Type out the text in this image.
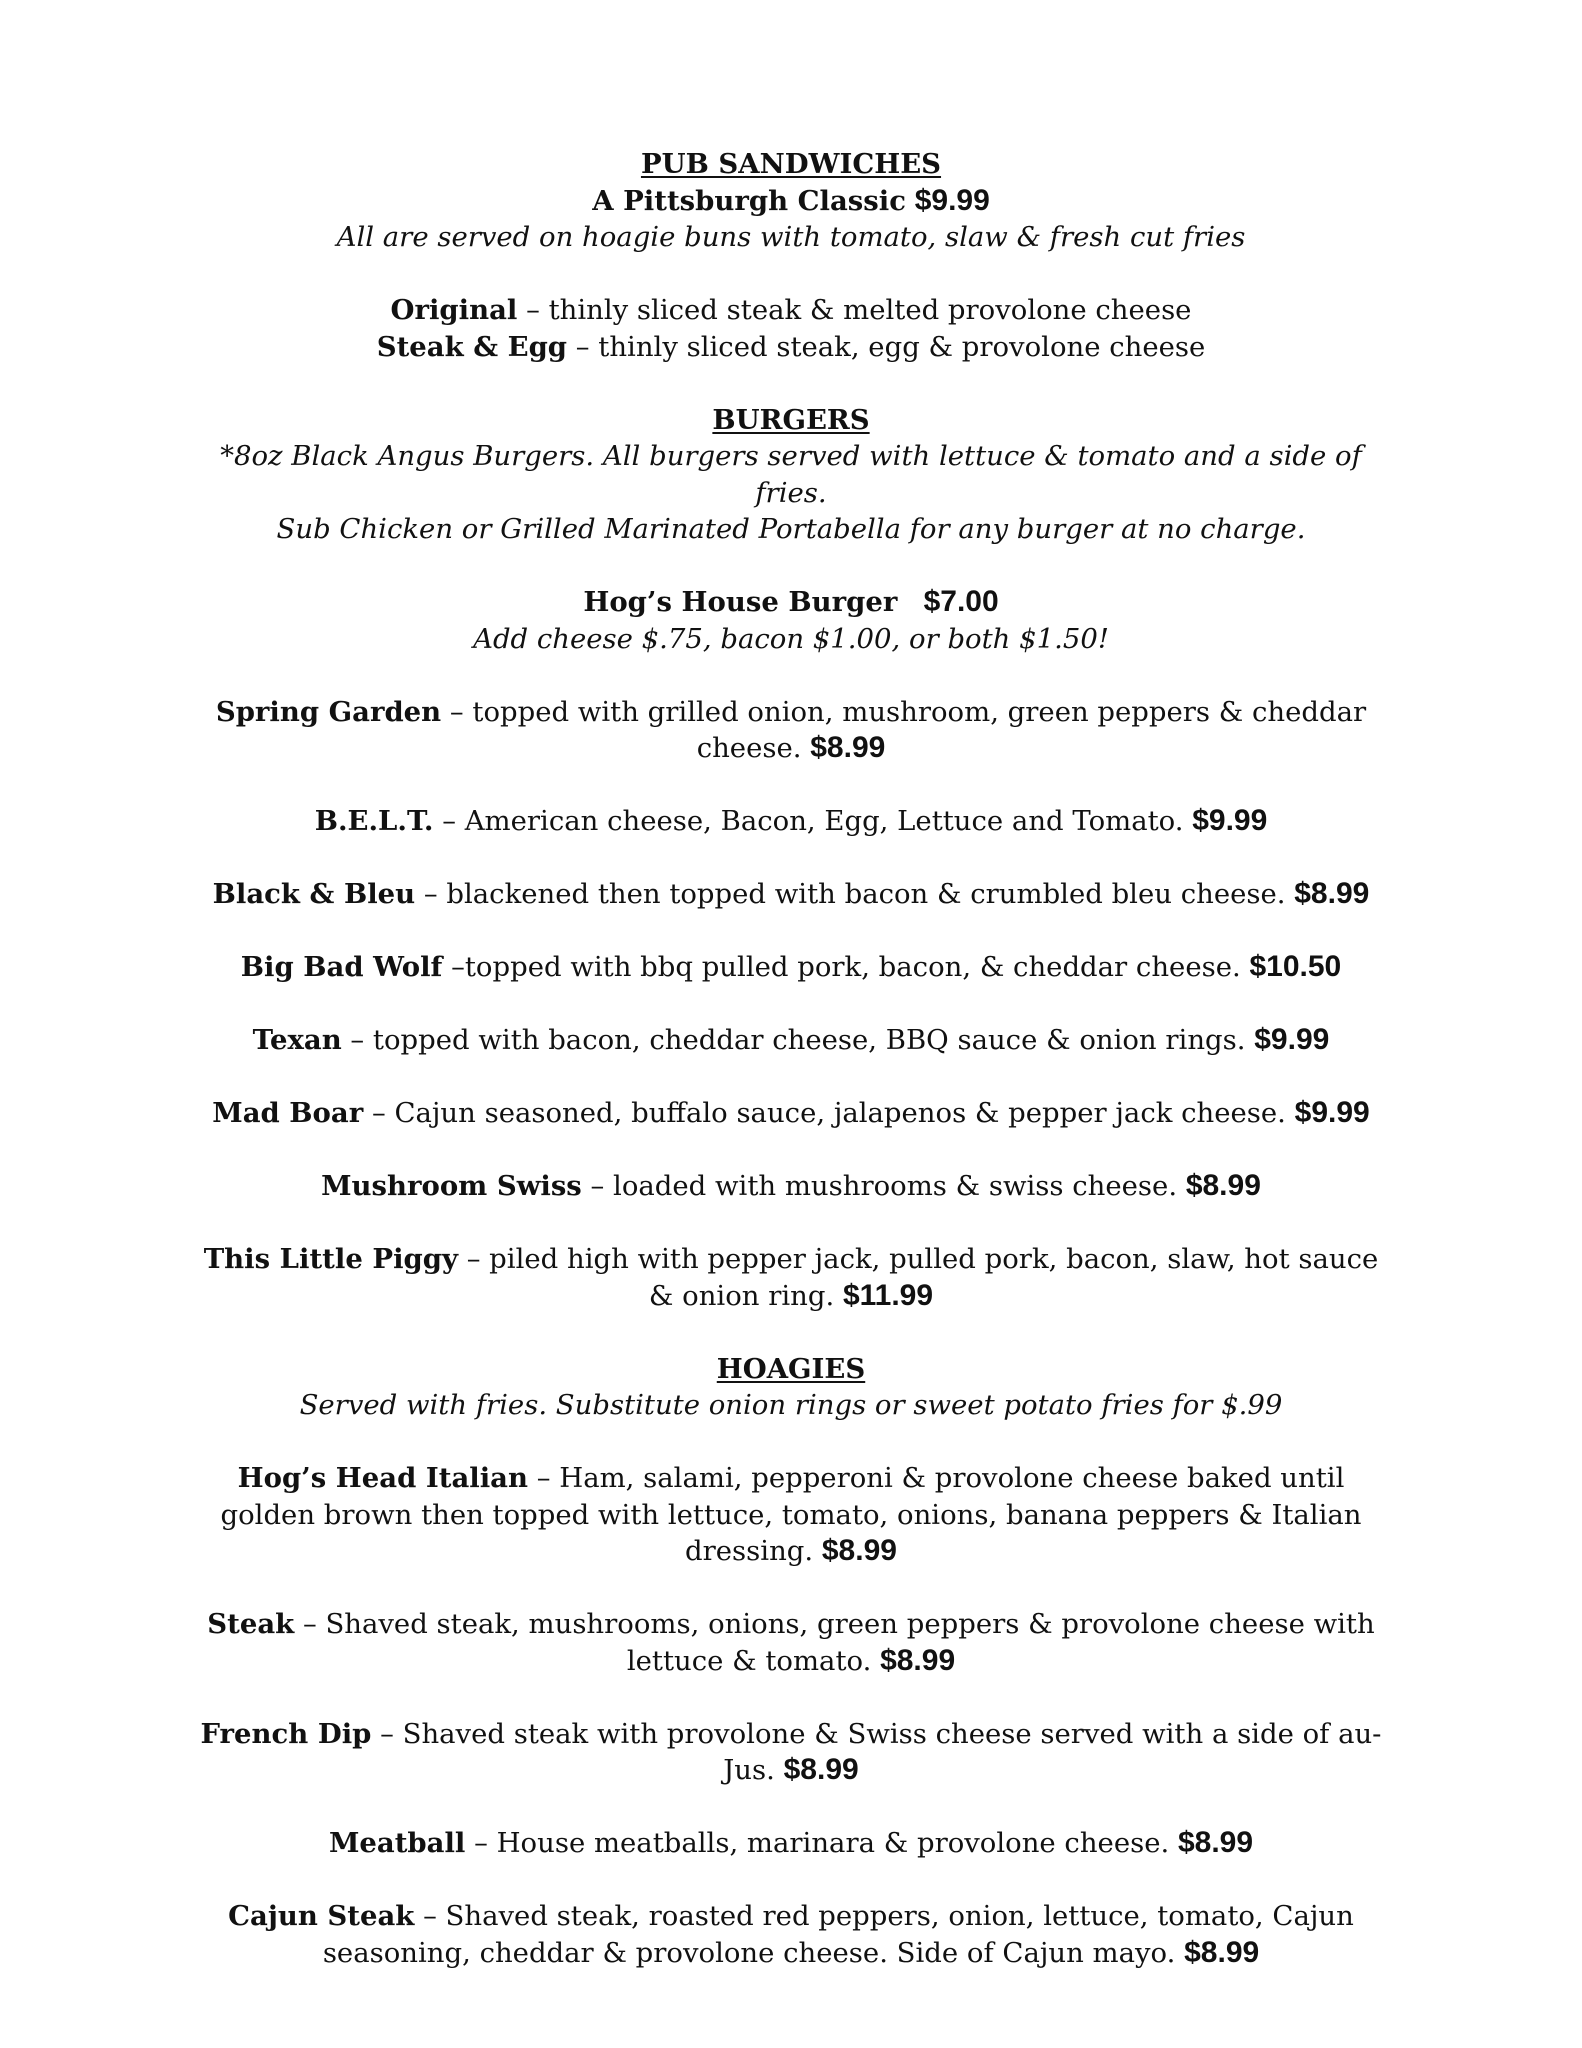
PUB SANDWICHES
A Pittsburgh Classic $9.99
All are served on hoagie buns with tomato, slaw & fresh cut fries
Original – thinly sliced steak & melted provolone cheese
Steak & Egg – thinly sliced steak, egg & provolone cheese
BURGERS
*8oz Black Angus Burgers. All burgers served with lettuce & tomato and a side of fries.
Sub Chicken or Grilled Marinated Portabella for any burger at no charge.
Hog’s House Burger $7.00
Add cheese $.75, bacon $1.00, or both $1.50!
Spring Garden – topped with grilled onion, mushroom, green peppers & cheddar
cheese. $8.99
B.E.L.T. – American cheese, Bacon, Egg, Lettuce and Tomato. $9.99
Black & Bleu – blackened then topped with bacon & crumbled bleu cheese. $8.99
Big Bad Wolf –topped with bbq pulled pork, bacon, & cheddar cheese. $10.50
Texan – topped with bacon, cheddar cheese, BBQ sauce & onion rings. $9.99
Mad Boar – Cajun seasoned, buffalo sauce, jalapenos & pepper jack cheese. $9.99
Mushroom Swiss – loaded with mushrooms & swiss cheese. $8.99
This Little Piggy – piled high with pepper jack, pulled pork, bacon, slaw, hot sauce
& onion ring. $11.99
HOAGIES
Served with fries. Substitute onion rings or sweet potato fries for $.99
Hog’s Head Italian – Ham, salami, pepperoni & provolone cheese baked until
golden brown then topped with lettuce, tomato, onions, banana peppers & Italian
dressing. $8.99
Steak – Shaved steak, mushrooms, onions, green peppers & provolone cheese with
lettuce & tomato. $8.99
French Dip – Shaved steak with provolone & Swiss cheese served with a side of au-
Jus. $8.99
Meatball – House meatballs, marinara & provolone cheese. $8.99
Cajun Steak – Shaved steak, roasted red peppers, onion, lettuce, tomato, Cajun
seasoning, cheddar & provolone cheese. Side of Cajun mayo. $8.99
